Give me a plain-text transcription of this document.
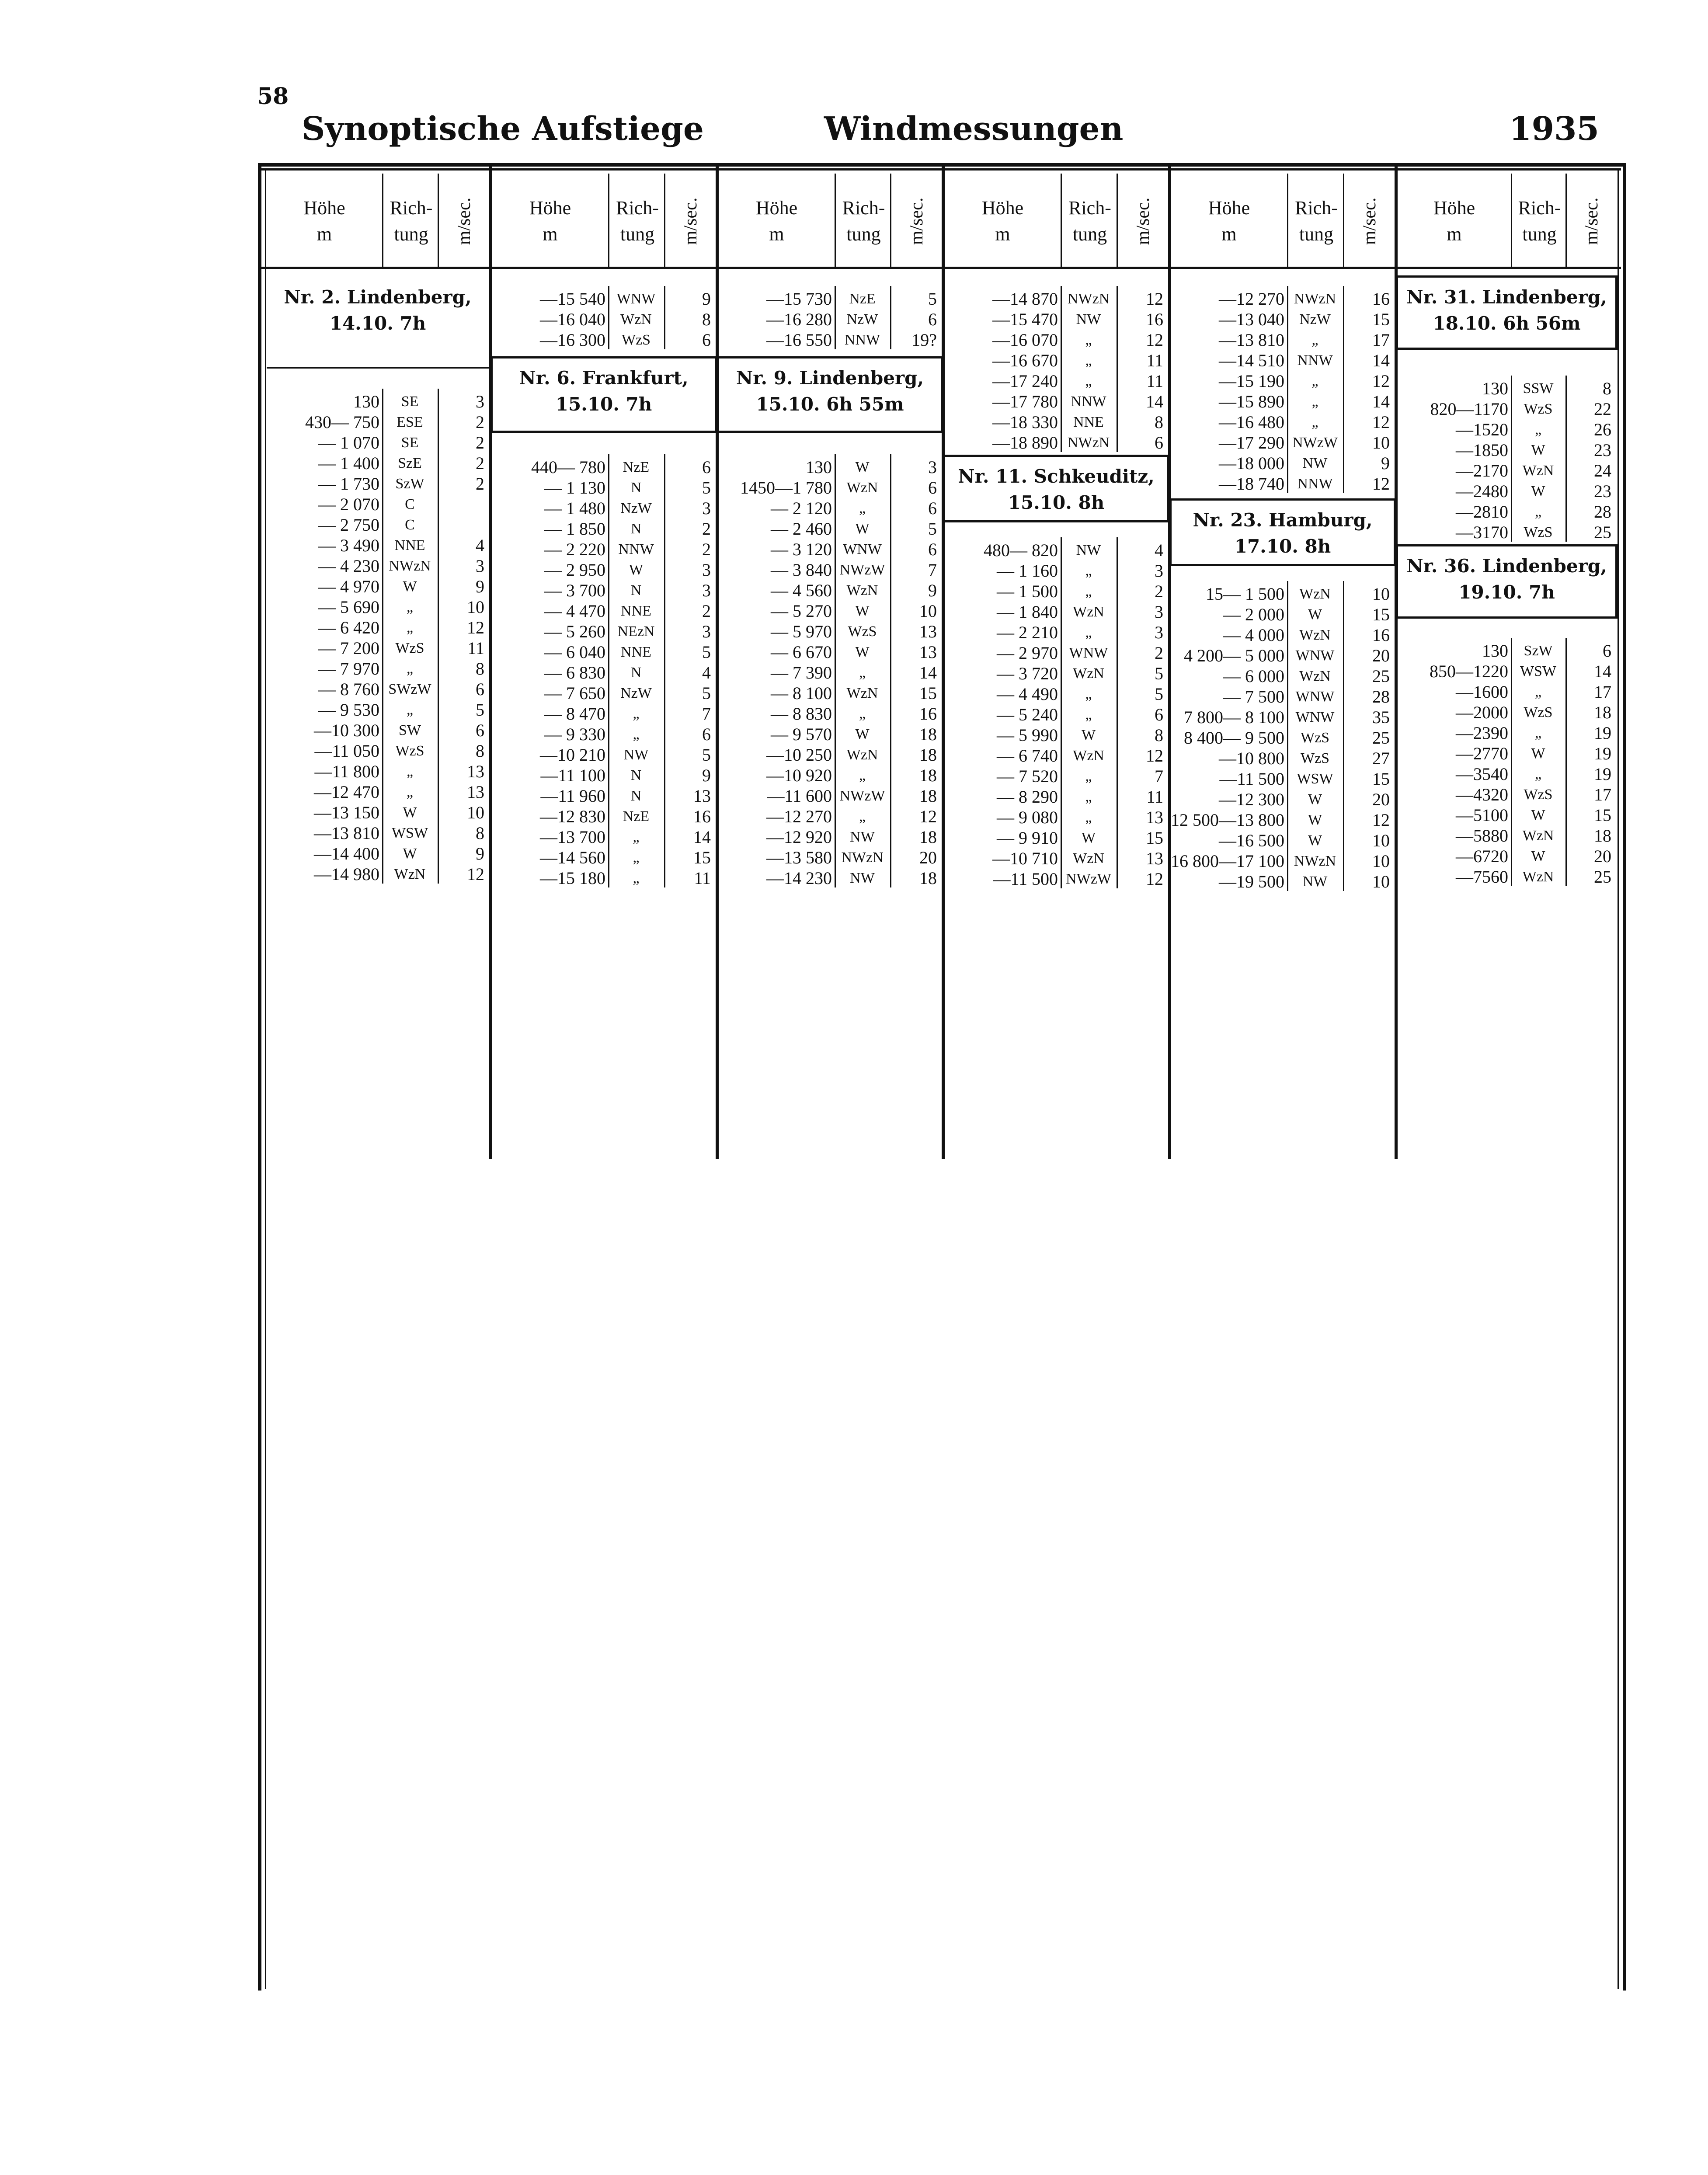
58
Synoptische Aufstiege	Windmessungen	1935
Höhe
m
Rich-
tung m/sec.
Nr. 2. Lindenberg,
14.10. 7h
130	SE	3
430— 750	ESE	2
— 1 070	SE	2
— 1 400	SzE	2
— 1 730	SzW	2
— 2 070	C
— 2 750	C
— 3 490	NNE	4
— 4 230 NWzN	3
— 4 970	W	9
— 5 690	„	10
— 6 420	„	12
— 7 200	WzS	11
— 7 970	„	8
— 8 760 SWzW	6
— 9 530	„	5
—10 300	SW	6
—11 050	WzS	8
—11 800	„	13
—12 470	„	13
—13 150	W	10
—13 810 WSW	8
—14 400	W	9
—14 980 WzN	12
Höhe
m
Rich-
tung m/sec.
—15 540 WNW	9
—16 040	WzN	8
—16 300	WzS	6
Nr. 6. Frankfurt,
15.10. 7h
440— 780	NzE	6
— 1 130	N	5
— 1 480	NzW	3
— 1 850	N	2
— 2 220 NNW	2
— 2 950	W	3
— 3 700	N	3
— 4 470	NNE	2
— 5 260 NEzN	3
— 6 040	NNE	5
— 6 830	N	4
— 7 650	NzW	5
— 8 470	„	7
— 9 330	„	6
—10 210	NW	5
—11 100	N	9
—11 960	N	13
—12 830	NzE	16
—13 700	„	14
—14 560	„	15
—15 180	„	11
Höhe
m
Rich-
tung m/sec.
—15 730	NzE	5
—16 280 NzW	6
—16 550 NNW	19?
Nr. 9. Lindenberg,
15.10. 6h 55m
130	W	3
1450—1 780 WzN	6
— 2 120	„	6
— 2 460	W	5
— 3 120 WNW	6
— 3 840 NWzW	7
— 4 560 WzN	9
— 5 270	W	10
— 5 970	WzS	13
— 6 670	W	13
— 7 390	„	14
— 8 100 WzN	15
— 8 830	„	16
— 9 570	W	18
—10 250 WzN	18
—10 920	„	18
—11 600 NWzW	18
—12 270	„	12
—12 920	NW	18
—13 580 NWzN	20
—14 230	NW	18
Höhe
m
Rich-
tung m/sec.
—14 870 NWzN	12
—15 470	NW	16
—16 070	„	12
—16 670	„	11
—17 240	„	11
—17 780 NNW	14
—18 330	NNE	8
—18 890 NWzN	6
Nr. 11. Schkeuditz,
15.10. 8h
480— 820	NW	4
— 1 160	„	3
— 1 500	„	2
— 1 840	WzN	3
— 2 210	„	3
— 2 970 WNW	2
— 3 720	WzN	5
— 4 490	„	5
— 5 240	„	6
— 5 990	W	8
— 6 740	WzN	12
— 7 520	„	7
— 8 290	„	11
— 9 080	„	13
— 9 910	W	15
—10 710	WzN	13
—11 500 NWzW	12
Höhe
m
Rich-
tung m/sec.
—12 270 NWzN	16
—13 040	NzW	15
—13 810	„	17
—14 510 NNW	14
—15 190	„	12
—15 890	„	14
—16 480	„	12
—17 290 NWzW	10
—18 000	NW	9
—18 740 NNW	12
Nr. 23. Hamburg,
17.10. 8h
15— 1 500	WzN	10
— 2 000	W	15
— 4 000	WzN	16
4 200— 5 000 WNW	20
— 6 000	WzN	25
— 7 500 WNW	28
7 800— 8 100 WNW	35
8 400— 9 500	WzS	25
—10 800	WzS	27
—11 500 WSW	15
—12 300	W	20
12 500—13 800	W	12
—16 500	W	10
16 800—17 100 NWzN	10
—19 500	NW	10
Höhe
m
Rich-
tung m/sec.
Nr. 31. Lindenberg,
18.10. 6h 56m
130 SSW	8
820—1170	WzS	22
—1520	„	26
—1850	W	23
—2170 WzN	24
—2480	W	23
—2810	„	28
—3170	WzS	25
Nr. 36. Lindenberg,
19.10. 7h
130	SzW	6
850—1220 WSW	14
—1600	„	17
—2000	WzS	18
—2390	„	19
—2770	W	19
—3540	„	19
—4320	WzS	17
—5100	W	15
—5880 WzN	18
—6720	W	20
—7560 WzN	25
